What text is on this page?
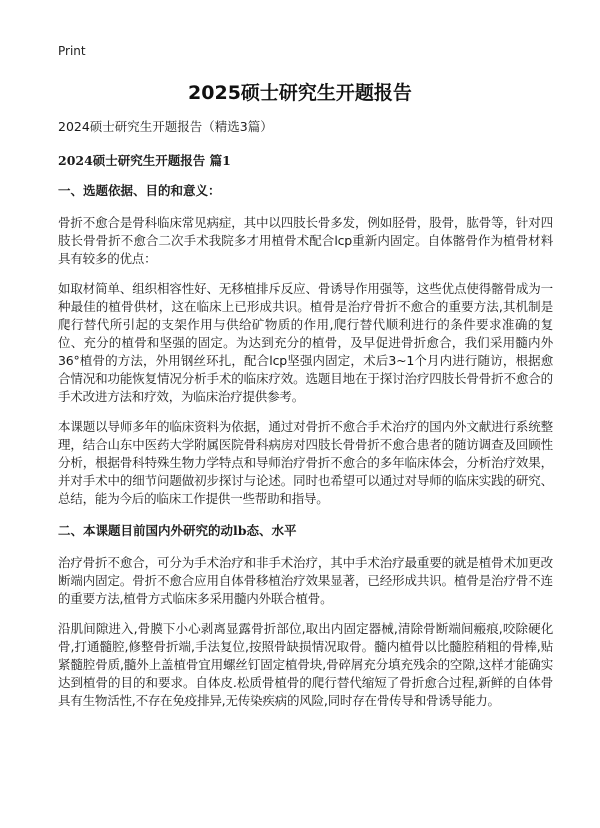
Print
2025硕士研究生开题报告

2024硕士研究生开题报告（精选3篇）

2024硕士研究生开题报告 篇1

一、选题依据、目的和意义：

骨折不愈合是骨科临床常见病症，其中以四肢长骨多发，例如胫骨，股骨，肱骨等，针对四肢长骨骨折不愈合二次手术我院多才用植骨术配合lcp重新内固定。自体髂骨作为植骨材料具有较多的优点：

如取材简单、组织相容性好、无移植排斥反应、骨诱导作用强等，这些优点使得髂骨成为一种最佳的植骨供材，这在临床上已形成共识。植骨是治疗骨折不愈合的重要方法,其机制是爬行替代所引起的支架作用与供给矿物质的作用,爬行替代顺利进行的条件要求准确的复位、充分的植骨和坚强的固定。为达到充分的植骨，及早促进骨折愈合，我们采用髓内外36°植骨的方法，外用钢丝环扎，配合lcp坚强内固定，术后3~1个月内进行随访，根据愈合情况和功能恢复情况分析手术的临床疗效。选题目地在于探讨治疗四肢长骨骨折不愈合的手术改进方法和疗效，为临床治疗提供参考。

本课题以导师多年的临床资料为依据，通过对骨折不愈合手术治疗的国内外文献进行系统整理，结合山东中医药大学附属医院骨科病房对四肢长骨骨折不愈合患者的随访调查及回顾性分析，根据骨科特殊生物力学特点和导师治疗骨折不愈合的多年临床体会，分析治疗效果，并对手术中的细节问题做初步探讨与论述。同时也希望可以通过对导师的临床实践的研究、总结，能为今后的临床工作提供一些帮助和指导。

二、本课题目前国内外研究的动lb态、水平

治疗骨折不愈合，可分为手术治疗和非手术治疗，其中手术治疗最重要的就是植骨术加更改断端内固定。骨折不愈合应用自体骨移植治疗效果显著，已经形成共识。植骨是治疗骨不连的重要方法,植骨方式临床多采用髓内外联合植骨。

沿肌间隙进入,骨膜下小心剥离显露骨折部位,取出内固定器械,清除骨断端间瘢痕,咬除硬化骨,打通髓腔,修整骨折端,手法复位,按照骨缺损情况取骨。髓内植骨以比髓腔稍粗的骨棒,贴紧髓腔骨质,髓外上盖植骨宜用螺丝钉固定植骨块,骨碎屑充分填充残余的空隙,这样才能确实达到植骨的目的和要求。自体皮.松质骨植骨的爬行替代缩短了骨折愈合过程,新鲜的自体骨具有生物活性,不存在免疫排异,无传染疾病的风险,同时存在骨传导和骨诱导能力。
